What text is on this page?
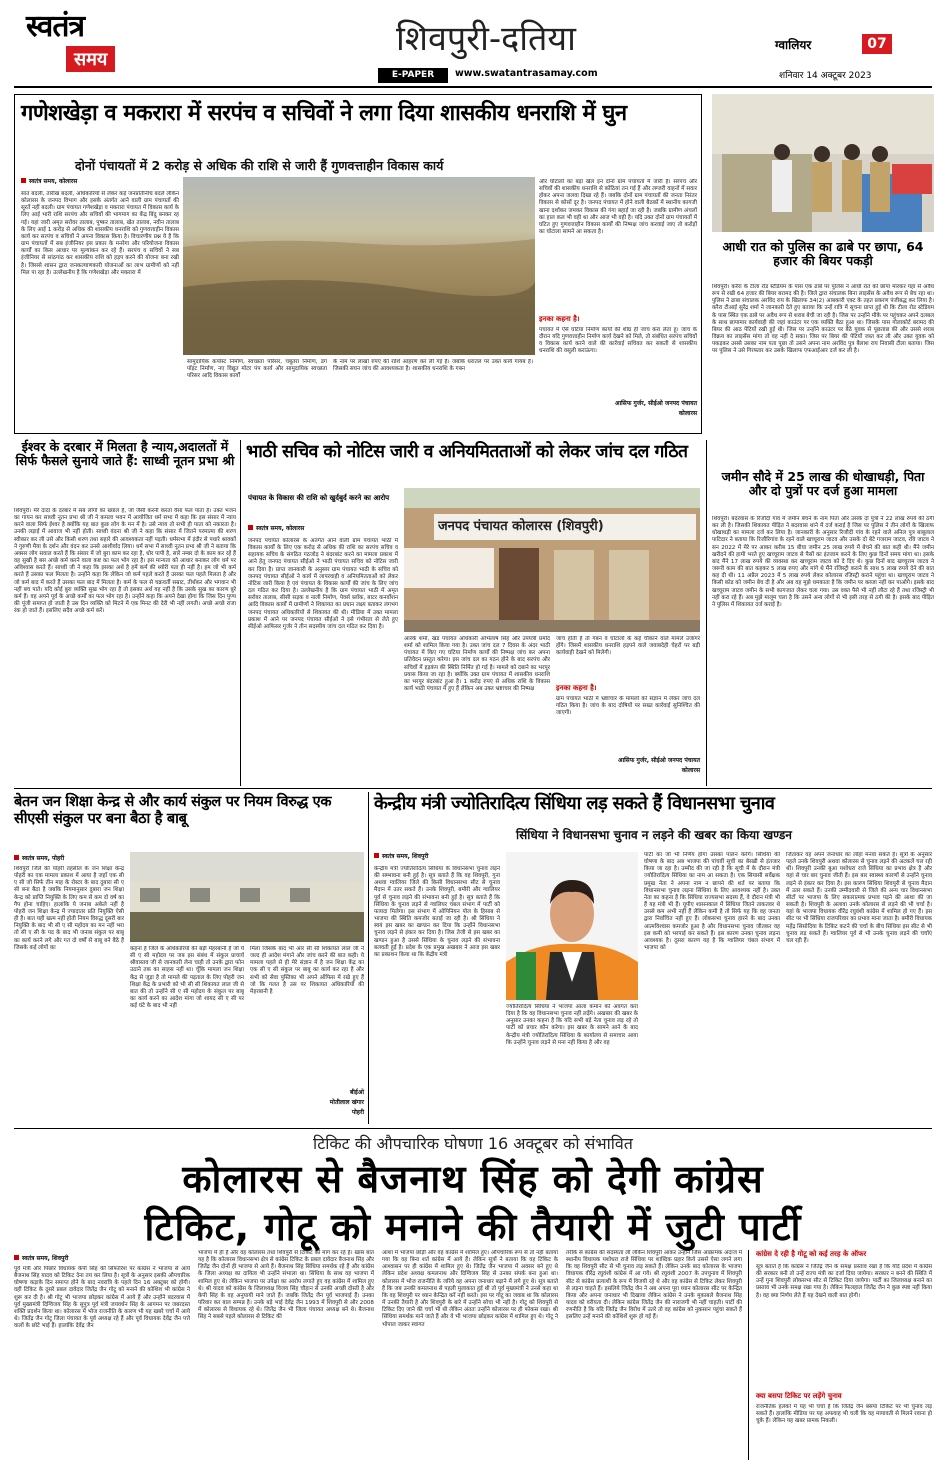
स्वतंत्र
समय
शिवपुरी-दतिया
E-PAPER	www.swatantrasamay.com
ग्वालियर	07
शनिवार 14 अक्टूबर 2023
गणेशखेड़ा व मकरारा में सरपंच व सचिवों ने लगा दिया शासकीय धनराशि में घुन
दोनों पंचायतों में 2 करोड़ से अधिक की राशि से जारी हैं गुणवत्ताहीन विकास कार्य
स्वतंत्र समय, कोलारस
सात बदली, तारीख बदली, अधिकारियों से लेकर कई जनप्रतिनिधि बदले लेकिन कोलारस के जनपद विभाग और इसके अंतर्गत आने वाली ग्राम पंचायतों की सूरतें नहीं बदली। ग्राम पंचायत गणेशखेड़ा व मकरारा पंचायत में विकास कार्य के लिए आई भारी राशि सरपंच और सचिवों की भागमाग का केंद्र बिंदु बनकर रह गई। यहां जारी अमृत सरोवर तालाब, पुष्कर तालाब, खेत तालाब, नवीन तालाब के लिए आई 1 करोड़ से अधिक की शासकीय धनराशि को गुणवत्ताहीन विकास कार्य कर सरपंच व सचिवों ने अपना विकास किया है। विचारणीय प्रश्न ये है कि ग्राम पंचायतों में सब इंजीनियर इस प्रकार के मनरेगा और परियोजना विकास कार्यों का किस आधार पर मूल्यांकन कर रहे हैं। सरपंच व सचिवों ने सब इंजीनियर से सांठगांठ कर शासकीय राशि को हड़प करने की योजना बना रखी है। जिससे शासन द्वारा जनकल्याणकारी योजनाओं का लाभ ग्रामीणों को नहीं मिल पा रहा है। उल्लेखनीय है कि गणेशखेड़ा और मकरारा में
सामुदायिक कंपोस्ट निर्माण, स्वच्छता परिसर, चबूतरा निर्माण, डंग पॉइंट निर्माण, नए विद्युत मोटर पंप कार्य और सामुदायिक स्वच्छता परिसर आदि विकास कार्यों
के नाम पर लाखों रुपए की राशि आहरण कर ली गई है। जबकि धरातल पर उक्त कार्य गायब हैं। जिसकी सघन जांच की आवश्यकता है। शासकीय धनराशि के गबन
और घोटालों का बड़ा खेल इन दोनों ग्राम पंचायतों में जारी है। सरपंच और सचिवों की शासकीय धनराशि से कोठियां तन गई हैं और लग्जरी वाहनों में सवार होकर अपना जलवा दिखा रहे हैं। जबकि दोनों ग्राम पंचायतों की जनता निरंतर विकास से कोसों दूर है। जनपद पंचायत में होने वाली बैठकों में स्थानीय कागजी खाना दर्शाकर जमकर विकास की गंगा बहाई जा रही है। जबकि ग्रामीण अंचलों का हाल कल भी वही था और आज भी वही है। यदि उक्त दोनों ग्राम पंचायतों में घटित हुए गुणवत्ताहीन विकास कार्यों की निष्पक्ष जांच करवाई जाए तो करोड़ों का घोटाला सामने आ सकता है।
इनका कहना है।
पंचायत में ऐसे घटिया निर्माण कार्यों की शीघ्र ही जांच करा लेता हूं। जांच के दौरान यदि गुणवत्ताहीन निर्माण कार्य देखने को मिले, तो संबंधित सरपंच सचिवों व विकास कार्य करने वाले की कार्रवाई सचिवत कर सकती से शासकीय धनराशि की वसूली कराऊंगा।
आसिफ गुर्जर, सीईओ जनपद पंचायत
कोलारस
आधी रात को पुलिस का ढाबे पर छापा, 64 हजार की बियर पकड़ी
शिवपुरी। करैरा के टीला रोड स्टेडियम के पास एक ढाबे पर पुलिस ने आधी रात को छापा मारकर यहां से अवैध रूप से रखी 64 हजार की बियर बरामद की है। जिले द्वारा संचालक बिना लाइसेंस के अवैध रूप से बेच रहा था। पुलिस ने ढाबा संचालक अरविंद राय के खिलाफ 34(2) आबकारी एक्ट के तहत प्रकरण पंजीबद्ध कर लिया है। करैरा टीआई सुरेंद्र शर्मा ने जानकारी देते हुए बताया कि उन्हें रात्रि में सूचना प्राप्त हुई थी कि टीला रोड स्टेडियम के पास स्थित एक ढाबे पर अवैध रूप से शराब बेची जा रही है। जिस पर उन्होंने मौके पर पहुंचकर अपने दलबल के साथ छापामार कार्यवाही की जहां काउंटर पर एक व्यक्ति बैठा हुआ था। जिसके पास गोलाकोर्ट बरामद की बियर की आठ पेटियों रखी हुई थी। जिस पर उन्होंने काउंटर पर बैठे युवक से पूछताछ की और उससे शराब विक्रय का लाइसेंस मांगा तो वह नहीं दे सका। जिस पर बियर की पेटियों जब्त कर ली और उक्त युवक को पकड़कर उससे उसका नाम पता पूछा तो उसने अपना नाम अरविंद पुत्र बैलाश राय निवासी टीला बताया। जिस पर पुलिस ने उसे गिरफ्तार कर उसके खिलाफ एफआईआर दर्ज कर ली है।
जमीन सौदे में 25 लाख की धोखाधड़ी, पिता और दो पुत्रों पर दर्ज हुआ मामला
शिवपुरी। बदरवास के रिजौदी गांव में जमीन बेचने के नाम पिता और उसके दो पुत्रों ने 22 लाख रुपये की ठगी कर ली है। जिसकी शिकायत पीड़ित ने बदरवास थाने में दर्ज कराई है जिस पर पुलिस ने तीन लोगों के खिलाफ धोखाधड़ी का मामला दर्ज कर लिया है। जानकारी के अनुसार रिजौदी गांव के रहने वाले अनिल पुत्र बाबूलाल पाटिदार ने बताया कि रिजौरिगांव के रहने वाले खच्चूराम जाटव और उसके दो बेटे गजराम जाटव, रवि जाटव ने सन 2022 में मेरे पर आकर करीब 15 बीघा जमीन 25 लाख रुपये में बेचने की बात कही थी। मैंने जमीन खरीदने की हामी भरते हुए खच्चूराम जाटव से पैसों का इंतजाम करने के लिए कुछ दिनों समय मांगा था। इसके बाद मैंने 17 लाख रुपये की व्यवस्था कर खच्चूराम जाटव को दे दिए थे। कुछ दिनों बाद खच्चूराम जाटव ने जरूरी काम की बात कहकर 5 लाख रुपए और मांगे थे मैंने रजिस्ट्री कराने के साथ 5 लाख रुपये देने की बात कह दी थी। 11 अप्रैल 2023 में 5 लाख रुपये लेकर कोलारस रजिस्ट्री कराने पहुंचा था। खच्चूराम जाटव ने किसी कोड को जमीन बेच दी है और अब वह मुझे धमकाता है कि जमीन पर कब्जा नहीं कर पाओगे। इसके बाद खच्चूराम जाटव जमीन के सभी कागजात लेकर चला गया। उस वक्त पैसे भी नहीं लौटा रहे हैं तथा रजिस्ट्री भी नहीं करा रहे हैं। अब मुझे मालूम चला है कि उसने अन्य लोगों से भी इसी तरह से ठगी की है। इसके बाद पीड़ित ने पुलिस में शिकायत दर्ज कराई है।
ईश्वर के दरबार में मिलता है न्याय,अदालतों में सिर्फ फैसले सुनाये जाते हैं: साध्वी नूतन प्रभा श्री
शिवपुरी। मेरे दादा के दरबार में सब लोगों का ख्याल है, जो जैसी करनी करता वैसा फल पाता है। उक्त भजन का गायन कर साध्वी नूतन प्रभा श्री जी ने कमला भवन में आयोजित धर्म सभा में कहा कि इस संसार में न्याय करने वाला सिर्फ ईश्वर है क्योंकि यह बात कुछ लोग के मन में है। उसे न्याय तो सभी ही पाता को नकारता है। उनकी लड़ाई में आवाज भी नहीं होती। साध्वी वंदना श्री जी ने कहा कि संसार में जितने परमात्मा की शरण स्वीकार कर ली उसे और किसी शरण तथा सहारे की आवश्यकता नहीं पड़ती। धर्मसभा में इंदौर से पधारे श्रावकों ने गुरुणी मैया के दर्शन और वंदन कर उनसे आशीर्वाद लिया। धर्म सभा में साध्वी नूतन प्रभा श्री जी ने बताया कि अक्सर लोग सवाल करते हैं कि संसार में जो बुरा काम कर रहा है, धोर पापी है, सारे नम्बर दो के काम कर रहे हैं वह सुखी है बस अच्छे कर्म करने वाला कष्ट का फल भोग रहा है। इस मान्यता को आधार बनाकर लोग धर्म पर अविश्वास करते हैं। साध्वी जी ने कहा कि इसका अर्थ है हमें कर्म की थ्योरी पता ही नहीं है। हम जो भी कर्म करते हैं उसका फल मिलता है। उन्होंने कहा कि लेकिन जो कर्म पहले करते हैं उसका फल पहले मिलता है और जो कर्म बाद में करते हैं उसका फल बाद में मिलता है। कर्म के फल से चक्रवर्ती सम्राट, तीर्थंकर और भगवान भी नहीं बच पाते। यदि कोई बुरा व्यक्ति सुख भोग रहा है तो इसका अर्थ यह नहीं है कि उसके सुख का कारण बुरे कर्म हैं। वह अपने पूर्व के अच्छे कर्मों का फल भोग रहा है। उन्होंने कहा कि अपने देखा होगा कि जिस दिन पुण्य की पूंजी समाप्त हो जाती है उस दिन व्यक्ति को मिटने में एक मिनट की देरी भी नहीं लगती। अच्छे अच्छे राजा रंक हो जाते हैं। इसलिए सदैव अच्छे कर्म करें।
भाठी सचिव को नोटिस जारी व अनियमितताओं को लेकर जांच दल गठित
पंचायत के विकास की राशि को खुर्दबुर्द करने का आरोप
स्वतंत्र समय, कोलारस
जनपद पंचायत कोलारस के अंतर्गत आने वाली ग्राम पंचायत भाठी में विकास कार्यों के लिए एक करोड़ से अधिक की राशि का सरपंच सचिव व सहायक सचिव के संगठित गठजोड़ ने बंदरबांट करने का मामला प्रकाश में आने हेतु जनपद पंचायत सीईओ ने भाठी पंचायत सचिव को नोटिस जारी कर दिया है। प्राप्त जानकारी के अनुसार ग्राम पंचायत भाठी के सचिव को जनपद पंचायत सीईओ ने कार्य में लापरवाही व अनियमितताओं को लेकर नोटिस जारी किया है एवं पंचायत के विकास कार्यों की जांच के लिए जांच दल गठित कर दिया है। उल्लेखनीय है कि ग्राम पंचायत भाठी में अमृत सरोवर तालाब, सीसी सड़क व नाली निर्माण, पेवर्स ब्लॉक, बाटर कनर्वोशन आदि विकास कार्यों में ग्रामीणों ने शिकायत का प्रधान लक्ष्य बताकर लगभग जनपद पंचायत अधिकारियों से शिकायत की थी। मीडिया में उक्त मामला प्रकाश में आने पर जनपद पंचायत सीईओ ने इसे गंभीरता से लेते हुए सीईओ आफिसर गुर्जर ने तीन सदस्यीय जांच दल गठित कर दिया है।
जनपद पंचायत कोलारस (शिवपुरी)
आरके शर्मा, खंड पंचायत अधिकारी अभिलाष सिंह और उपयंत्री प्रमोद शर्मा को शामिल किया गया है। उक्त जांच दल 7 दिवस के अंदर भाठी पंचायत में किए गए घटिया निर्माण कार्यों की निष्पक्ष जांच कर अपना प्रतिवेदन प्रस्तुत करेगा। इस जांच दल का गठन होने के बाद सरपंच और सचिवों में हड़कंप की स्थिति निर्मित हो गई है। मामले को दबाने का भरपूर प्रयास किया जा रहा है। क्योंकि उक्त ग्राम पंचायत में शासकीय धनराशि का भरपूर बंदरबांट हुआ है। 1 करोड़ रुपए से अधिक राशि के विकास कार्य भाठी पंचायत में हुए हैं लेकिन अब उक्त भ्रष्टाचार की निष्पक्ष
जांच होती है तो गबन व घोटालों के कई चौंकाने वाले मामले उजागर होंगे। जिसमें शासकीय धनराशि हड़पने वाले जवाबदेही चेहरों पर बड़ी कार्यवाही देखने को मिलेगी।
इनका कहना है।
ग्राम पंचायत भाठी में भ्रष्टाचार के मामलों को संज्ञान में लेकर जांच दल गठित किया है। जांच के बाद दोषियों पर सख्त कार्रवाई सुनिश्चित की जाएगी।
आसिफ गुर्जर, सीईओ जनपद पंचायत
कोलारस
बेतन जन शिक्षा केन्द्र से और कार्य संकुल पर नियम विरुद्ध एक सीएसी संकुल पर बना बैठा है बाबू
स्वतंत्र समय, पोहरी
शिवपुरी जिले की पोहरी तहसील के जन शिक्षा केन्द्र पोहरी का एक मामला प्रकाश में आया है जहाँ एक सी ए सी जो सिर्फ तीन माह के रोस्टर के बाद दुबारा सी ए सी बना बैठा है जबकि नियमानुसार दुबारा जन शिक्षा केन्द्र को प्राप्ति नियुक्ति के लिए कम से कम दो वर्ष का गैप होना चाहिए। हालांकि ये जनाब अकेले नहीं है पोहरी जन शिक्षा केन्द्र में ज्यादातर प्रति नियुक्ति ऐसी ही है। बात यही खत्म नहीं होती नियम विरुद्ध दूसरी बार नियुक्ति के बाद भी सी ए सी महोदय का मन नहीं भरा तो सी ए सी के पद के बाद भी जनाब संकुल पर बाबू का कार्य करने लगे और गत दो वर्षों से बाबू बने बैठे हैं जिसके कई लोगों का	कहना है जिले के अधिकारियों की बड़ी मेहरबानी है जो ये सी ए सी महोदय पर जब इस संबंध में संकुल प्राचार्य श्रीवास्तव जी से जानकारी लेना चाही तो उनके द्वारा फोन उठाने तक का साहस नहीं था। चूँकि मामला जन शिक्षा केंद्र से जुड़ा है तो मामले की पड़ताल के लिए पोहरी जन शिक्षा केंद्र के प्रभारी को भी सी सी शिकायत लाल जी से बात की तो उन्होंने सी ए सी महोदय के संकुल पर बाबू का कार्य करने का आदेश मांगा जो शायद सी ए सी पर कई घंटे के बाद भी नहीं
मिला जिसके बाद भी आर सी सी शिकायत लाल जी ने जल्द ही आदेश मंगाने और जांच करने की बात कही। ये मामला पहले से ही मेरे संज्ञान में है जन शिक्षा केंद्र का एक सी ए सी संकुल पर बाबू का कार्य कर रहा है और सभी को सेवा पुस्तिका भी अपने ऑफिस में रखे हुए हैं जो कि गलत है उस पर शिकायत अधिकारियों की मेहरबानी है
बीईओ
मोतीलाल खंगार
पोहरी
केन्द्रीय मंत्री ज्योतिरादित्य सिंधिया लड़ सकते हैं विधानसभा चुनाव
सिंधिया ने विधानसभा चुनाव न लड़ने की खबर का किया खण्डन
स्वतंत्र समय, शिवपुरी
केन्द्रीय मंत्री ज्योतिरादित्य सिंधिया के विधानसभा चुनाव लड़ने की सम्भावना बनी हुई है। सूत्र बताते हैं कि वह शिवपुरी, गुना अथवा ग्वालियर जिले की किसी विधानसभा सीट से चुनाव मैदान में उतर सकते हैं। उनके शिवपुरी, बमौरी और ग्वालियर पूर्व से चुनाव लड़ने की संभावना बनी हुई है। सूत्र बताते हैं कि सिंधिया के चुनाव लड़ने से ग्वालियर चंबल संभाग में पार्टी को फायदा मिलेगा। इस संभाग में ओपिनियन पोल के हिसाब से भाजपा की स्थिति कमजोर बताई जा रही है। श्री सिंधिया ने स्वयं इस खबर का खण्डन कर दिया कि उन्होंने विधानसभा चुनाव लड़ने से इंकार कर दिया है। जिस तेजी से इस खबर का खण्डन हुआ है उससे सिंधिया के चुनाव लड़ने की संभावना बलवती हुई है। प्रदेश के एक प्रमुख अखबार ने आज इस खबर का प्रकाशन किया था कि केंद्रीय मंत्री
ज्योतिरादित्य सिंधिया ने भाजपा आला कमान को अवगत करा दिया है कि वह विधानसभा चुनाव नहीं लड़ेंगे। अखबार की खबर के अनुसार उनका कहना है कि यदि सभी बड़े नेता चुनाव लड़ रहे तो पार्टी को प्रचार कौन करेगा। इस खबर के सामने आने के बाद केन्द्रीय मंत्री ज्योतिरादित्य सिंधिया के कार्यालय से समाचार आया कि उन्होंने चुनाव लड़ने से मना नहीं किया है और वह
पार्टी का जो भी निर्णय होगा उसका पालन करेंगे। सिंधिया की घोषणा के बाद अब भाजपा की पांचवीं सूची का बेसब्री से इंतजार किया जा रहा है। उम्मीद की जा रही है कि सूची में के दौरान मंत्री ज्योतिरादित्य सिंधिया का नाम आ सकता है। एक सियासी सर्वेक्षक प्रमुख नेता ने अपना नाम न छापने की शर्त पर बताया कि विधानसभा चुनाव लड़ना सिंधिया के लिए आवश्यक नहीं है। उक्त नेता का कहना है कि सिंधिया राज्यसभा सदस्य हैं, वे दौरान मंत्री भी हैं यह मंत्री भी हैं। यूपीए शासनकाल में सिंधिया जितने ताकतवर थे उससे कम अभी नहीं हैं लेकिन कमी है तो सिर्फ यह कि वह जनता द्वारा निर्वाचित नहीं हुए हैं। लोकसभा चुनाव हारने के बाद उनका आत्मविश्वास कमजोर हुआ है और विधानसभा चुनाव जीतकर वह इस कमी को भरपाई कर सकते हैं। इस कारण उनका चुनाव लड़ना आवश्यक है। दूसरा कारण यह है कि ग्वालियर चंबल संभाग में भाजपा को
जिताकर वह अपने जनाधार का लोहा मनवा सकते हैं। सूत्रों के अनुसार पहले उनके शिवपुरी अथवा कोलारस से चुनाव लड़ने की अटकलें चल रही थीं। शिवपुरी उनकी बुआ यशोधरा राजे सिंधिया का प्रभाव क्षेत्र है और यहां से चार बार चुनाव जीती हैं। इस बार स्वास्थ्य कारणों से उन्होंने चुनाव लड़ने से इंकार कर दिया है। इस कारण सिंधिया शिवपुरी से चुनाव मैदान में उतर सकते हैं। उनकी उम्मीदवारी से जिले की अन्य चार विधानसभा सीटों पर भाजपा के लिए सकारात्मक प्रभाव पड़ने की आशा की जा सकती है। शिवपुरी के अलावा उनके कोलारस से लड़ने की भी चर्चा है। यहां के भाजपा विधायक वीरेंद्र रघुवंशी कांग्रेस में शामिल हो गए हैं। इस सीट पर भी सिंधिया राजपरिवार का प्रभाव माना जाता है। बमौरी विधायक महेंद्र सिसोदिया के टिकिट कटने की चर्चा के बीच सिंधिया इस सीट से भी चुनाव लड़ सकते हैं। ग्वालियर पूर्व से भी उनके चुनाव लड़ने की चर्चाएं चल रही हैं।
टिकिट की औपचारिक घोषणा 16 अक्टूबर को संभावित
कोलारस से बैजनाथ सिंह को देगी कांग्रेस
टिकिट, गोटू को मनाने की तैयारी में जुटी पार्टी
स्वतंत्र समय, शिवपुरी
पूर्व मंत्री और पिछोर विधायक केपी सिंह की सिफारिश पर कांग्रेस ने भाजपा से आये बैजनाथ सिंह यादव को टिकिट देना तय कर लिया है। सूत्रों के अनुसार इसकी औपचारिक घोषणा कड़ाके दिन समाप्त होने के बाद नवरात्रि के पहले दिन 16 अक्टूबर को होगी। वहीं टिकिट के दूसरे प्रबल दावेदार जितेंद्र जैन गोटू को मनाने की कोशिश भी कांग्रेस ने शुरू कर दी है। श्री गोटू भी भाजपा छोड़कर कांग्रेस में आये हैं और उन्होंने बदरवास में पूर्व मुख्यमंत्री दिग्विजय सिंह के सुपुत्र पूर्व मंत्री जयवर्धन सिंह के आगमन पर जबरदस्त शक्ति प्रदर्शन किया था। कोलारस में भोज राजनीति के कारण भी यह खबरे चर्चा में आये थे। जितेंद्र जैन गोटू जिला पंचायत के पूर्व अध्यक्ष रहे हैं और पूर्व विधायक देवेंद्र जैन पत्ते वालों के छोटे भाई हैं। हालांकि देवेंद्र जैन
भाजपा में ही हैं और वह कोलारस तथा शिवपुरी से टिकिट की मांग कर रहे हैं। खास बात यह है कि कोलारस विधानसभा क्षेत्र से कांग्रेस टिकिट के प्रबल दावेदार बैजनाथ सिंह और जितेंद्र जैन दोनों ही भाजपा से आये हैं। बैजनाथ सिंह सिंधिया समर्थक रहे हैं और कांग्रेस के जिला अध्यक्ष का दायित्व भी उन्होंने संभाला था। सिंधिया के साथ वह भाजपा में शामिल हुए थे। लेकिन भाजपा पर उपेक्षा का आरोप लगाते हुए वह कांग्रेस में शामिल हुए थे। श्री यादव को कांग्रेस के जिलाध्यक्ष विजय सिंह चौहान से उनकी अच्छी दोस्ती है और केपी सिंह के वह अनुयायी माने जाते हैं। जबकि जितेंद्र जैन पूर्व भाजपाई हैं। उनका परिवार कर बाल सम्पन्न है। उनके बड़े भाई देवेंद्र जैन 1993 में शिवपुरी से और 2008 में कोलारस से विधायक रहे थे। जितेंद्र जैन भी जिला पंचायत अध्यक्ष बने थे। बैजनाथ सिंह ने सबसे पहले कोलारस से टिकिट की
आशा में भाजपा छोड़ी और वह कांग्रेस में शामिल हुए। औपचारिक रूप से तो नहीं बताया गया कि वह बिना शर्त कांग्रेस में आये हैं। लेकिन सूत्रों ने बताया कि वह टिकिट के आश्वासन पर ही कांग्रेस में शामिल हुए थे। जितेंद्र जैन भाजपा में अवसर बने हुए थे लेकिन प्रदेश अध्यक्ष कमलनाथ और दिग्विजय सिंह से उनका संपर्क बना हुआ था। कोलारस में भोज राजनीति के जरिये वह अपना जनाधार बढ़ाने में लगे हुए थे। सूत्र बताते हैं कि जब उनकी कमलनाथ से पहली मुलाकात हुई थी तो पूर्व मुख्यमंत्री ने उनसे कहा था कि वह शिवपुरी पर ध्यान केन्द्रित करें नहीं करते। इस पर गोटू का जवाब था कि कोलारस में उनकी तैयारी है और शिवपुरी के बारे में उन्होंने सोचा भी नहीं है। गोटू को शिवपुरी से टिकिट दिए जाने की चर्चा भी थी लेकिन अंततः उन्होंने कोलारस पर ही फोकस रखा। श्री सिंधिया समर्थक माने जाते हैं और वे भी भाजपा छोड़कर कांग्रेस में शामिल हुए थे। गोटू ने भोपाल जाकर स्वागत
तरीके से कांग्रेस की सदस्यता ली लेकिन शिवपुरी आकर उन्होंने जिस आक्रामक अंदाज में स्थानीय विधायक यशोधरा राजे सिंधिया पर शाब्दिक प्रहार किये उससे ऐसा लगने लगा कि वह शिवपुरी सीट से भी चुनाव लड़ सकते हैं। लेकिन उनके बाद कोलारस के भाजपा विधायक वीरेंद्र रघुवंशी कांग्रेस में आ गये। श्री रघुवंशी 2007 के उपचुनाव में शिवपुरी सीट से कांग्रेस प्रत्याशी के रूप में विजयी रहे थे और वह कांग्रेस से टिकिट लेकर शिवपुरी से लड़ना चाहते हैं। इसलिये जितेंद्र जैन ने अब अपना पूरा ध्यान कोलारस सीट पर केन्द्रित किया और अपना जनाधार भी दिखाया लेकिन कांग्रेस ने उनके मुकाबले बैजनाथ सिंह यादव को वरीयता दी। लेकिन कांग्रेस जितेंद्र जैन की नाराजगी भी नहीं चाहती। पार्टी की रणनीति है कि यदि जितेंद्र जैन विरोध में उतरे तो वह कांग्रेस को नुकसान पहुंचा सकते हैं इसलिए उन्हें मनाने की कोशिशें शुरू हो गई हैं।
कांग्रेस दे रही है गोटू को कई तरह के ऑफर
सूत्र बताते हैं कि कांग्रेस ने जितेंद्र जैन के समक्ष प्रस्ताव रखा है कि यदि प्रदेश में कांग्रेस की सरकार बनी तो उन्हें राज्य मंत्री का दर्जा दिया जायेगा। सरकार न बनने की स्थिति में उन्हें गुना शिवपुरी लोकसभा सीट से टिकिट दिया जायेगा। पार्टी का जिलाध्यक्ष बनाने का प्रस्ताव भी उनके समक्ष रखा गया है। लेकिन फिलहाल जितेंद्र जैन ने कुछ स्पष्ट नहीं किया है। वह क्या निर्णय लेते हैं यह देखने वाली बात होगी।
क्या बसपा टिकिट पर लड़ेंगे चुनाव
राजनैतिक हलकों में यह भी चर्चा है कि जितेंद्र जैन बसपा टिकिट पर भी चुनाव लड़ सकते हैं। हालांकि मीडिया पर यह अफवाह भी चली कि वह मायावती से मिलने रवाना हो चुके हैं। लेकिन यह खबर प्रामक निकली।
